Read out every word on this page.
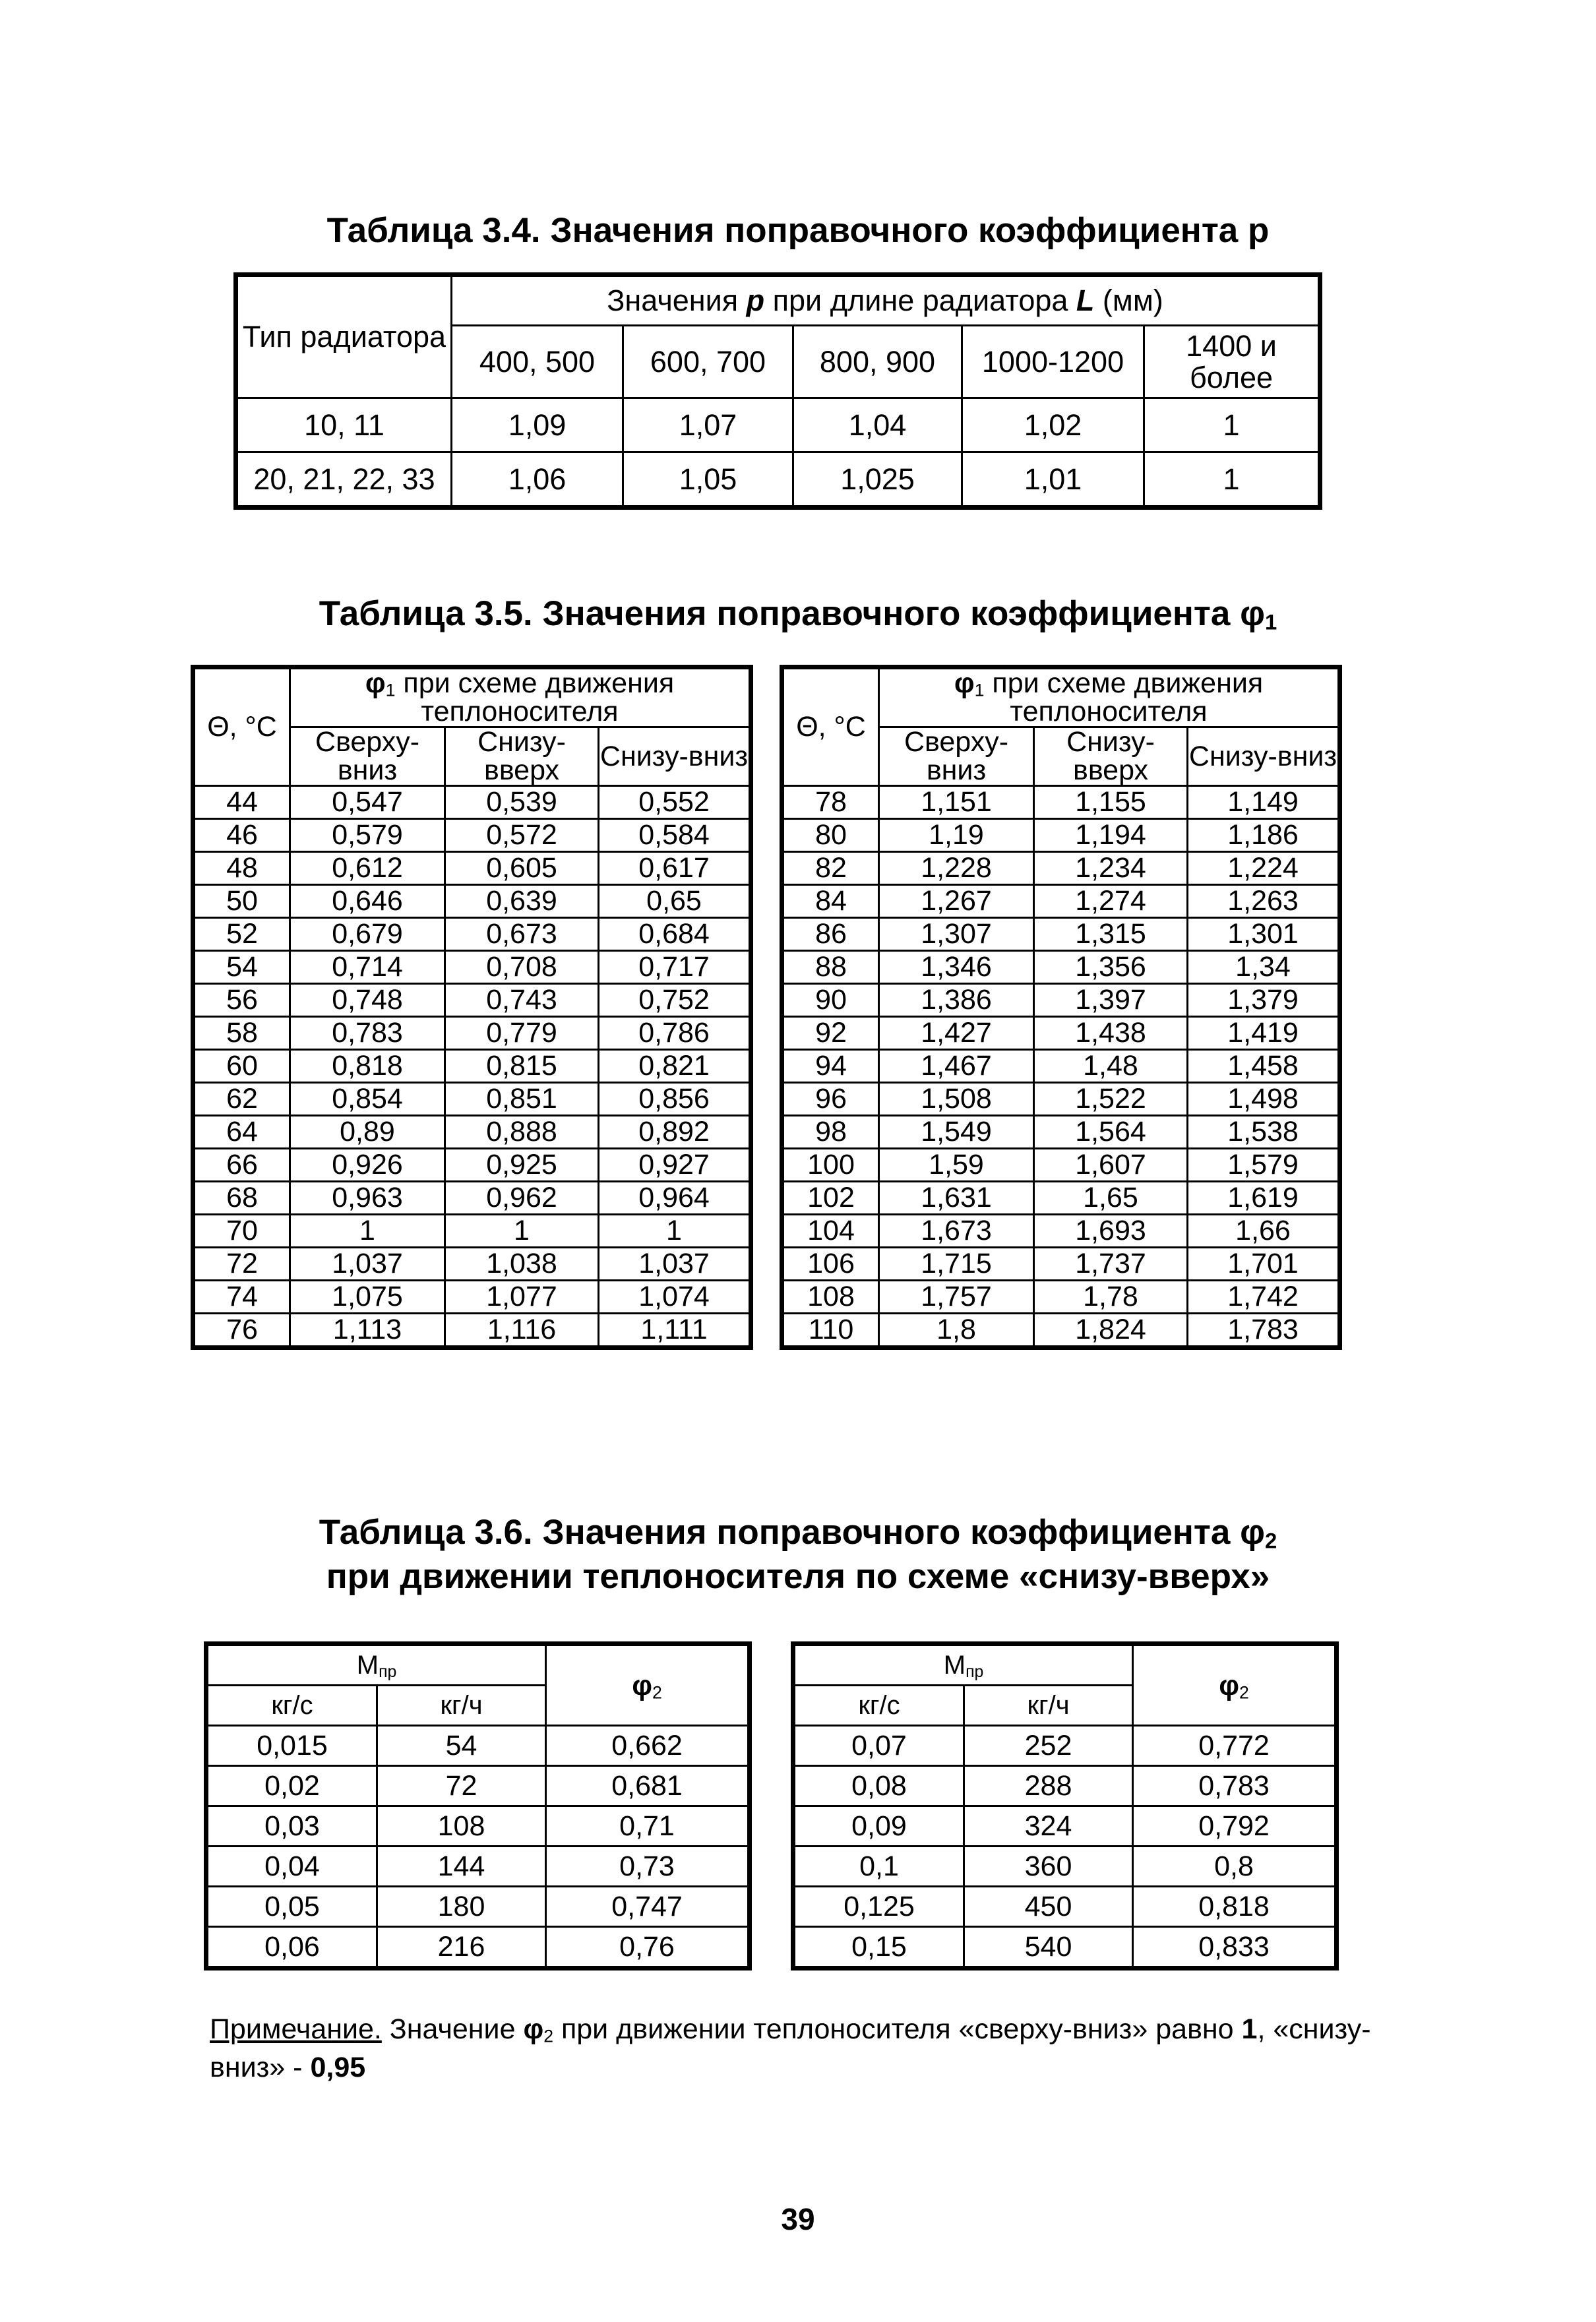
Таблица 3.4. Значения поправочного коэффициента р

Тип радиатора	Значения р при длине радиатора L (мм)				
	400, 500	600, 700	800, 900	1000-1200	1400 и более
10, 11	1,09	1,07	1,04	1,02	1
20, 21, 22, 33	1,06	1,05	1,025	1,01	1

Таблица 3.5. Значения поправочного коэффициента $\varphi_1$

Θ, °C	$\varphi_1$ при схеме движения теплоносителя		
	Сверху-вниз	Снизу-вверх	Снизу-вниз
44	0,547	0,539	0,552
46	0,579	0,572	0,584
48	0,612	0,605	0,617
50	0,646	0,639	0,65
52	0,679	0,673	0,684
54	0,714	0,708	0,717
56	0,748	0,743	0,752
58	0,783	0,779	0,786
60	0,818	0,815	0,821
62	0,854	0,851	0,856
64	0,89	0,888	0,892
66	0,926	0,925	0,927
68	0,963	0,962	0,964
70	1	1	1
72	1,037	1,038	1,037
74	1,075	1,077	1,074
76	1,113	1,116	1,111
Θ, °C	$\varphi_1$ при схеме движения теплоносителя		
	Сверху-вниз	Снизу-вверх	Снизу-вниз
78	1,151	1,155	1,149
80	1,19	1,194	1,186
82	1,228	1,234	1,224
84	1,267	1,274	1,263
86	1,307	1,315	1,301
88	1,346	1,356	1,34
90	1,386	1,397	1,379
92	1,427	1,438	1,419
94	1,467	1,48	1,458
96	1,508	1,522	1,498
98	1,549	1,564	1,538
100	1,59	1,607	1,579
102	1,631	1,65	1,619
104	1,673	1,693	1,66
106	1,715	1,737	1,701
108	1,757	1,78	1,742
110	1,8	1,824	1,783

Таблица 3.6. Значения поправочного коэффициента $\varphi_2$

при движении теплоносителя по схеме «снизу-вверх»

$M_{пр}$		$\varphi_2$
кг/с	кг/ч	
0,015	54	0,662
0,02	72	0,681
0,03	108	0,71
0,04	144	0,73
0,05	180	0,747
0,06	216	0,76
$M_{пр}$		$\varphi_2$
кг/с	кг/ч	
0,07	252	0,772
0,08	288	0,783
0,09	324	0,792
0,1	360	0,8
0,125	450	0,818
0,15	540	0,833

Примечание. Значение $\varphi_2$ при движении теплоносителя «сверху-вниз» равно 1, «снизу-вниз» - 0,95

39
